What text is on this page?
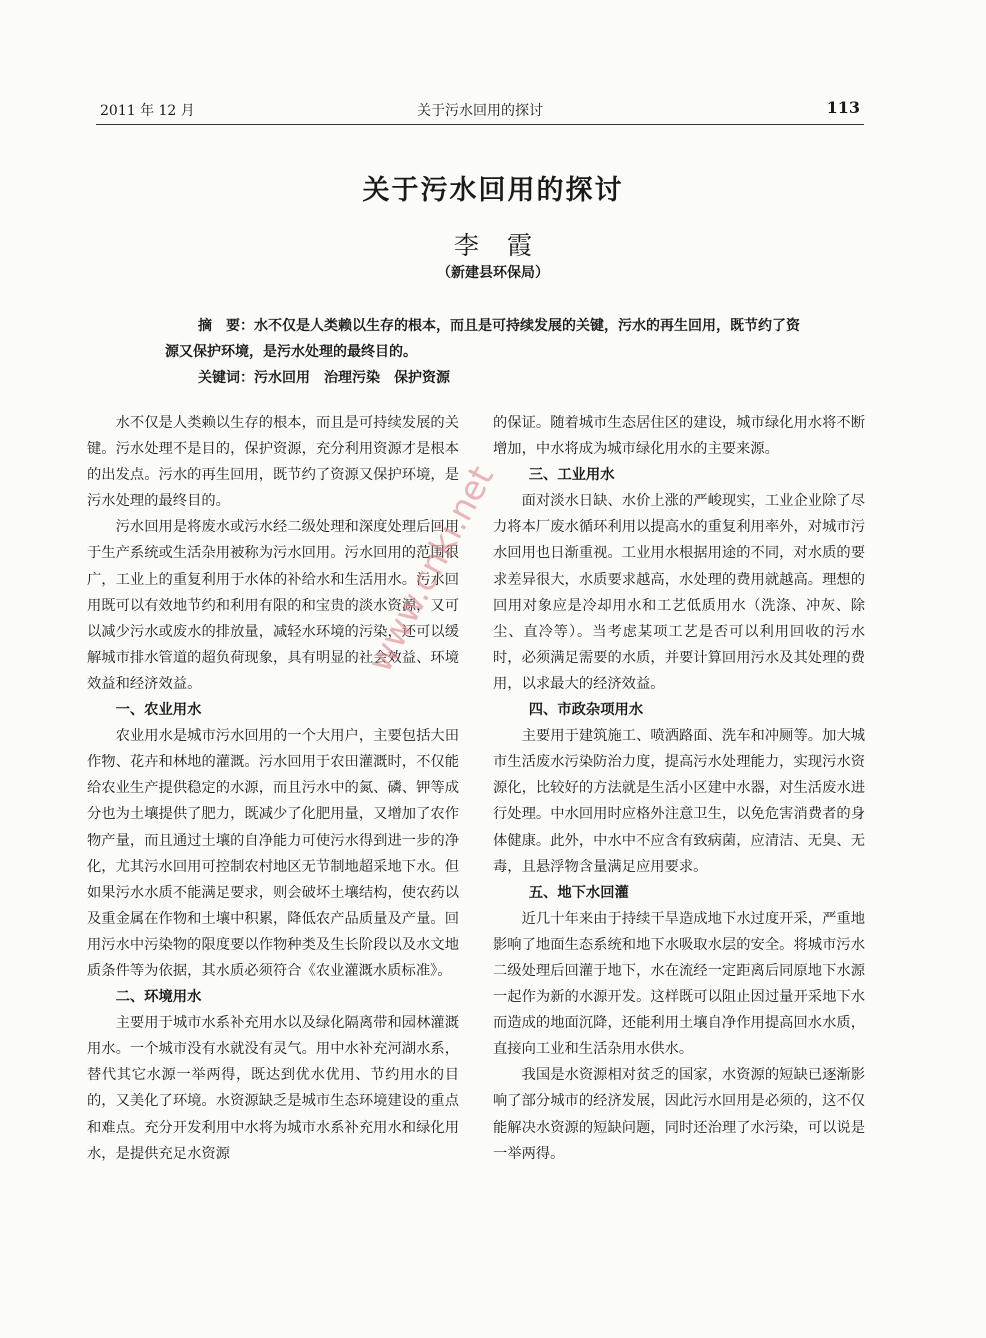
2011 年 12 月	关于污水回用的探讨	113
关于污水回用的探讨
李霞
（新建县环保局）

摘　要：水不仅是人类赖以生存的根本，而且是可持续发展的关键，污水的再生回用，既节约了资源又保护环境，是污水处理的最终目的。

关键词：污水回用　治理污染　保护资源

水不仅是人类赖以生存的根本，而且是可持续发展的关键。污水处理不是目的，保护资源，充分利用资源才是根本的出发点。污水的再生回用，既节约了资源又保护环境，是污水处理的最终目的。

污水回用是将废水或污水经二级处理和深度处理后回用于生产系统或生活杂用被称为污水回用。污水回用的范围很广，工业上的重复利用于水体的补给水和生活用水。污水回用既可以有效地节约和利用有限的和宝贵的淡水资源，又可以减少污水或废水的排放量，减轻水环境的污染，还可以缓解城市排水管道的超负荷现象，具有明显的社会效益、环境效益和经济效益。

一、农业用水

农业用水是城市污水回用的一个大用户，主要包括大田作物、花卉和林地的灌溉。污水回用于农田灌溉时，不仅能给农业生产提供稳定的水源，而且污水中的氮、磷、钾等成分也为土壤提供了肥力，既减少了化肥用量，又增加了农作物产量，而且通过土壤的自净能力可使污水得到进一步的净化，尤其污水回用可控制农村地区无节制地超采地下水。但如果污水水质不能满足要求，则会破坏土壤结构，使农药以及重金属在作物和土壤中积累，降低农产品质量及产量。回用污水中污染物的限度要以作物种类及生长阶段以及水文地质条件等为依据，其水质必须符合《农业灌溉水质标准》。

二、环境用水

主要用于城市水系补充用水以及绿化隔离带和园林灌溉用水。一个城市没有水就没有灵气。用中水补充河湖水系，替代其它水源一举两得，既达到优水优用、节约用水的目的，又美化了环境。水资源缺乏是城市生态环境建设的重点和难点。充分开发利用中水将为城市水系补充用水和绿化用水，是提供充足水资源

的保证。随着城市生态居住区的建设，城市绿化用水将不断增加，中水将成为城市绿化用水的主要来源。

三、工业用水

面对淡水日缺、水价上涨的严峻现实，工业企业除了尽力将本厂废水循环利用以提高水的重复利用率外，对城市污水回用也日渐重视。工业用水根据用途的不同，对水质的要求差异很大，水质要求越高，水处理的费用就越高。理想的回用对象应是冷却用水和工艺低质用水（洗涤、冲灰、除尘、直冷等）。当考虑某项工艺是否可以利用回收的污水时，必须满足需要的水质，并要计算回用污水及其处理的费用，以求最大的经济效益。

四、市政杂项用水

主要用于建筑施工、喷洒路面、洗车和冲厕等。加大城市生活废水污染防治力度，提高污水处理能力，实现污水资源化，比较好的方法就是生活小区建中水器，对生活废水进行处理。中水回用时应格外注意卫生，以免危害消费者的身体健康。此外，中水中不应含有致病菌，应清洁、无臭、无毒，且悬浮物含量满足应用要求。

五、地下水回灌

近几十年来由于持续干旱造成地下水过度开采，严重地影响了地面生态系统和地下水吸取水层的安全。将城市污水二级处理后回灌于地下，水在流经一定距离后同原地下水源一起作为新的水源开发。这样既可以阻止因过量开采地下水而造成的地面沉降，还能利用土壤自净作用提高回水水质，直接向工业和生活杂用水供水。

我国是水资源相对贫乏的国家，水资源的短缺已逐渐影响了部分城市的经济发展，因此污水回用是必须的，这不仅能解决水资源的短缺问题，同时还治理了水污染，可以说是一举两得。

www.cnki.net
